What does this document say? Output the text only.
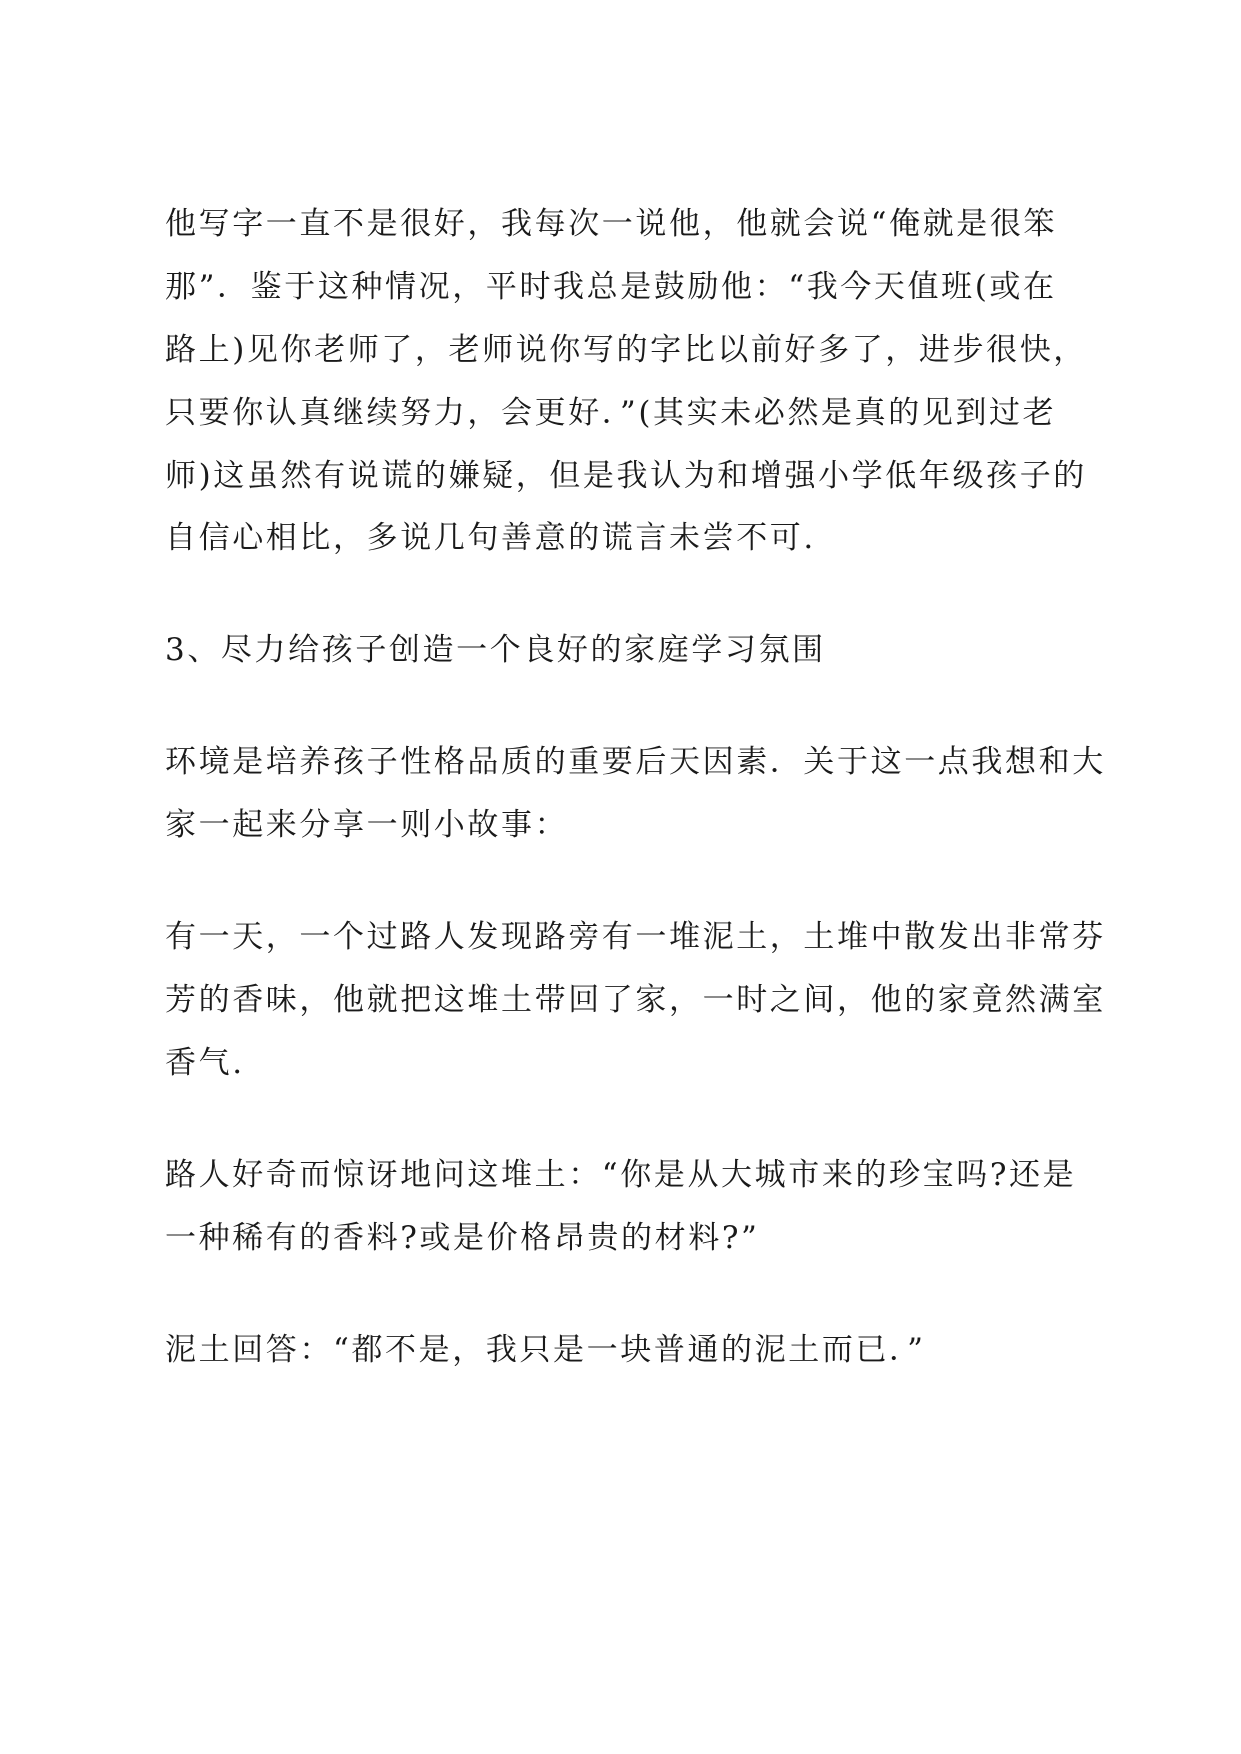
他写字一直不是很好，我每次一说他，他就会说“俺就是很笨

那”．鉴于这种情况，平时我总是鼓励他：“我今天值班(或在

路上)见你老师了，老师说你写的字比以前好多了，进步很快，

只要你认真继续努力，会更好．”(其实未必然是真的见到过老

师)这虽然有说谎的嫌疑，但是我认为和增强小学低年级孩子的

自信心相比，多说几句善意的谎言未尝不可.

3、尽力给孩子创造一个良好的家庭学习氛围

环境是培养孩子性格品质的重要后天因素．关于这一点我想和大

家一起来分享一则小故事：

有一天，一个过路人发现路旁有一堆泥土，土堆中散发出非常芬

芳的香味，他就把这堆土带回了家，一时之间，他的家竟然满室

香气.

路人好奇而惊讶地问这堆土：“你是从大城市来的珍宝吗?还是

一种稀有的香料?或是价格昂贵的材料?”

泥土回答：“都不是，我只是一块普通的泥土而已．”
